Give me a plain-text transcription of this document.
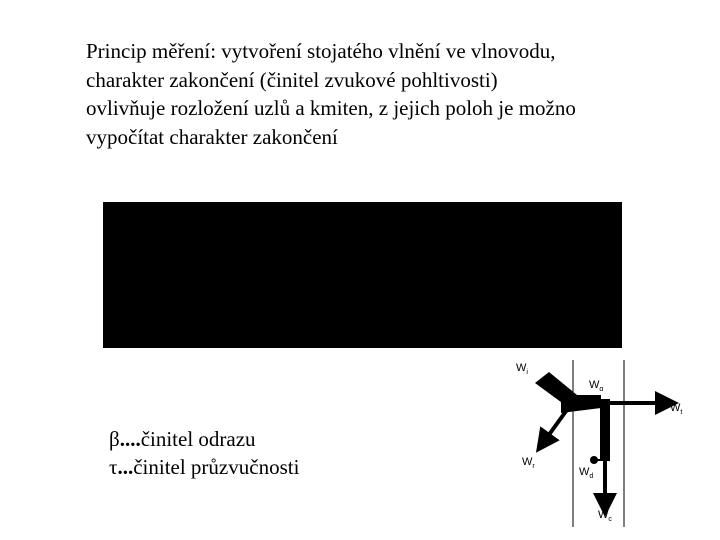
Princip měření: vytvoření stojatého vlnění ve vlnovodu,
charakter zakončení (činitel zvukové pohltivosti)
ovlivňuje rozložení uzlů a kmiten, z jejich poloh je možno
vypočítat charakter zakončení
β....činitel odrazu
τ...činitel průzvučnosti
$W_i$
$W_\alpha$
$W_t$
$W_r$	$W_d$
$W_c$
